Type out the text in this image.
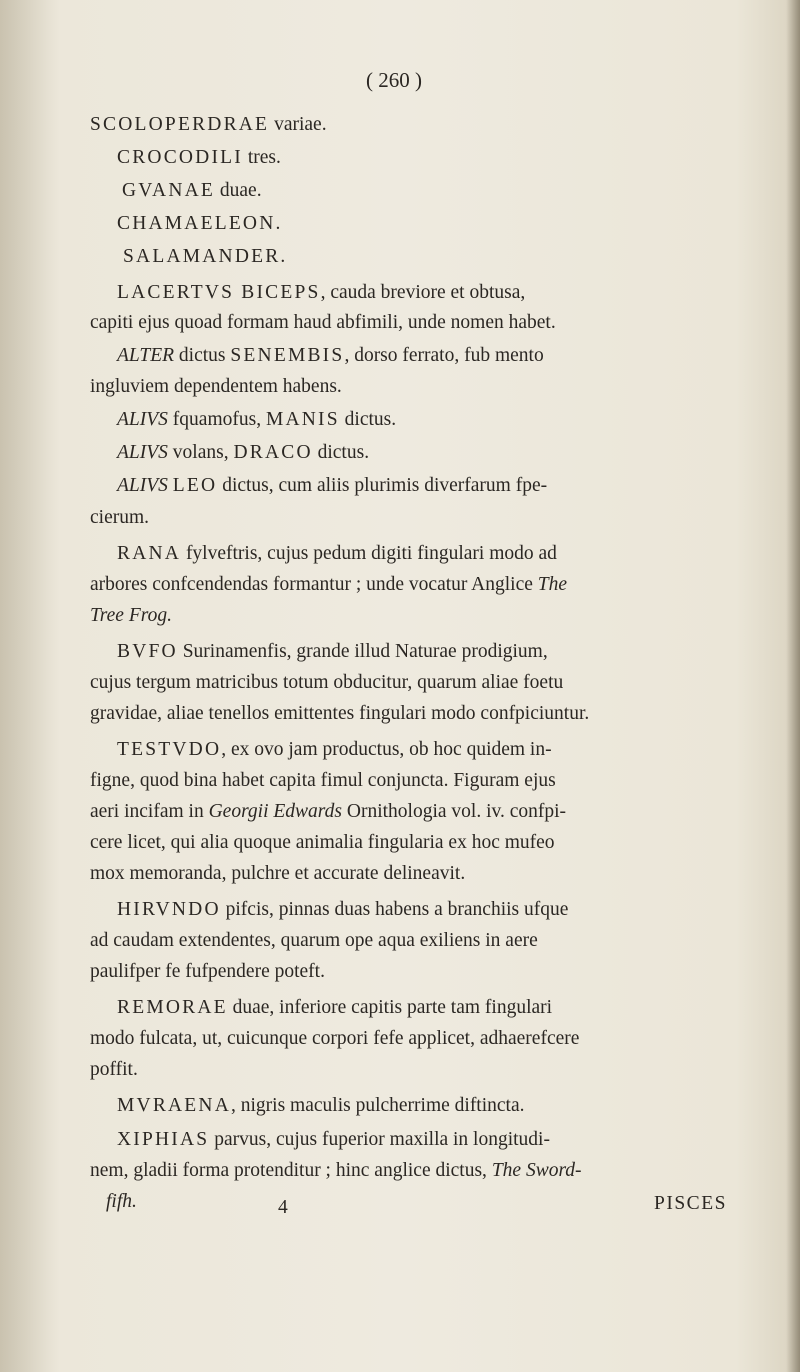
( 260 )
SCOLOPERDRAE variae.
CROCODILI tres.
GVANAE duae.
CHAMAELEON.
SALAMANDER.
LACERTVS BICEPS, cauda breviore et obtusa,
capiti ejus quoad formam haud abfimili, unde nomen habet.
ALTER dictus SENEMBIS, dorso ferrato, fub mento
ingluviem dependentem habens.
ALIVS fquamofus, MANIS dictus.
ALIVS volans, DRACO dictus.
ALIVS LEO dictus, cum aliis plurimis diverfarum fpe-
cierum.
RANA fylveftris, cujus pedum digiti fingulari modo ad
arbores confcendendas formantur ; unde vocatur Anglice The
Tree Frog.
BVFO Surinamenfis, grande illud Naturae prodigium,
cujus tergum matricibus totum obducitur, quarum aliae foetu
gravidae, aliae tenellos emittentes fingulari modo confpiciuntur.
TESTVDO, ex ovo jam productus, ob hoc quidem in-
figne, quod bina habet capita fimul conjuncta. Figuram ejus
aeri incifam in Georgii Edwards Ornithologia vol. iv. confpi-
cere licet, qui alia quoque animalia fingularia ex hoc mufeo
mox memoranda, pulchre et accurate delineavit.
HIRVNDO pifcis, pinnas duas habens a branchiis ufque
ad caudam extendentes, quarum ope aqua exiliens in aere
paulifper fe fufpendere poteft.
REMORAE duae, inferiore capitis parte tam fingulari
modo fulcata, ut, cuicunque corpori fefe applicet, adhaerefcere
poffit.
MVRAENA, nigris maculis pulcherrime diftincta.
XIPHIAS parvus, cujus fuperior maxilla in longitudi-
nem, gladii forma protenditur ; hinc anglice dictus, The Sword-
fifh.	4	PISCES
